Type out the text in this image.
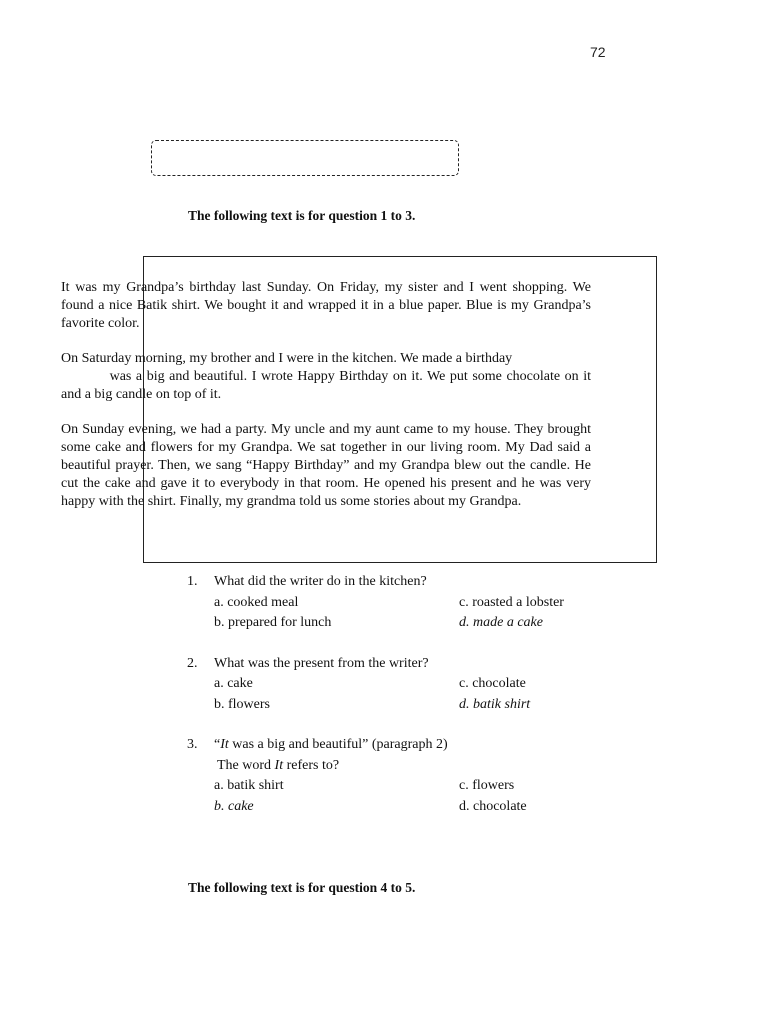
72
The following text is for question 1 to 3.

It was my Grandpa’s birthday last Sunday. On Friday, my sister and I went shopping. We found a nice Batik shirt. We bought it and wrapped it in a blue paper. Blue is my Grandpa’s favorite color.

On Saturday morning, my brother and I were in the kitchen. We made a birthday
was a big and beautiful. I wrote Happy Birthday on it. We put some chocolate on it and a big candle on top of it.

On Sunday evening, we had a party. My uncle and my aunt came to my house. They brought some cake and flowers for my Grandpa. We sat together in our living room. My Dad said a beautiful prayer. Then, we sang “Happy Birthday” and my Grandpa blew out the candle. He cut the cake and gave it to everybody in that room. He opened his present and he was very happy with the shirt. Finally, my grandma told us some stories about my Grandpa.

1.	What did the writer do in the kitchen?
a. cooked meal	c. roasted a lobster
b. prepared for lunch	d. made a cake
2.	What was the present from the writer?
a. cake	c. chocolate
b. flowers	d. batik shirt
3.	“It was a big and beautiful” (paragraph 2)
The word It refers to?
a. batik shirt	c. flowers
b. cake	d. chocolate
The following text is for question 4 to 5.
